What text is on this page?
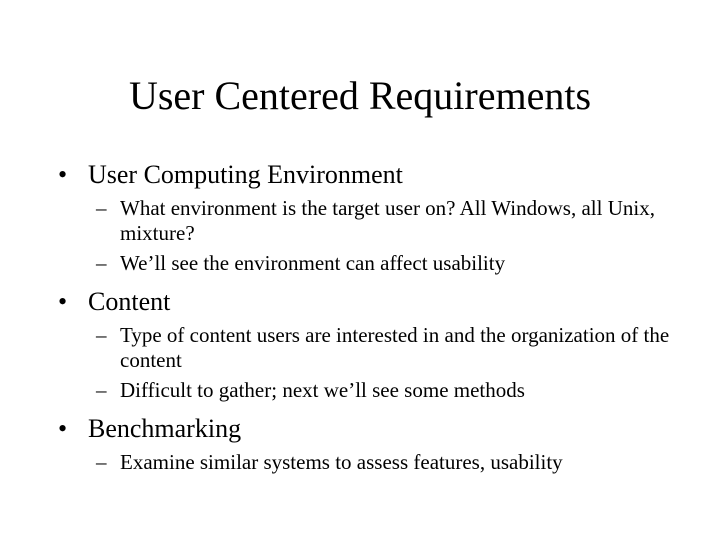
User Centered Requirements
• User Computing Environment
– What environment is the target user on? All Windows, all Unix, mixture?
– We’ll see the environment can affect usability
• Content
– Type of content users are interested in and the organization of the content
– Difficult to gather; next we’ll see some methods
• Benchmarking
– Examine similar systems to assess features, usability
